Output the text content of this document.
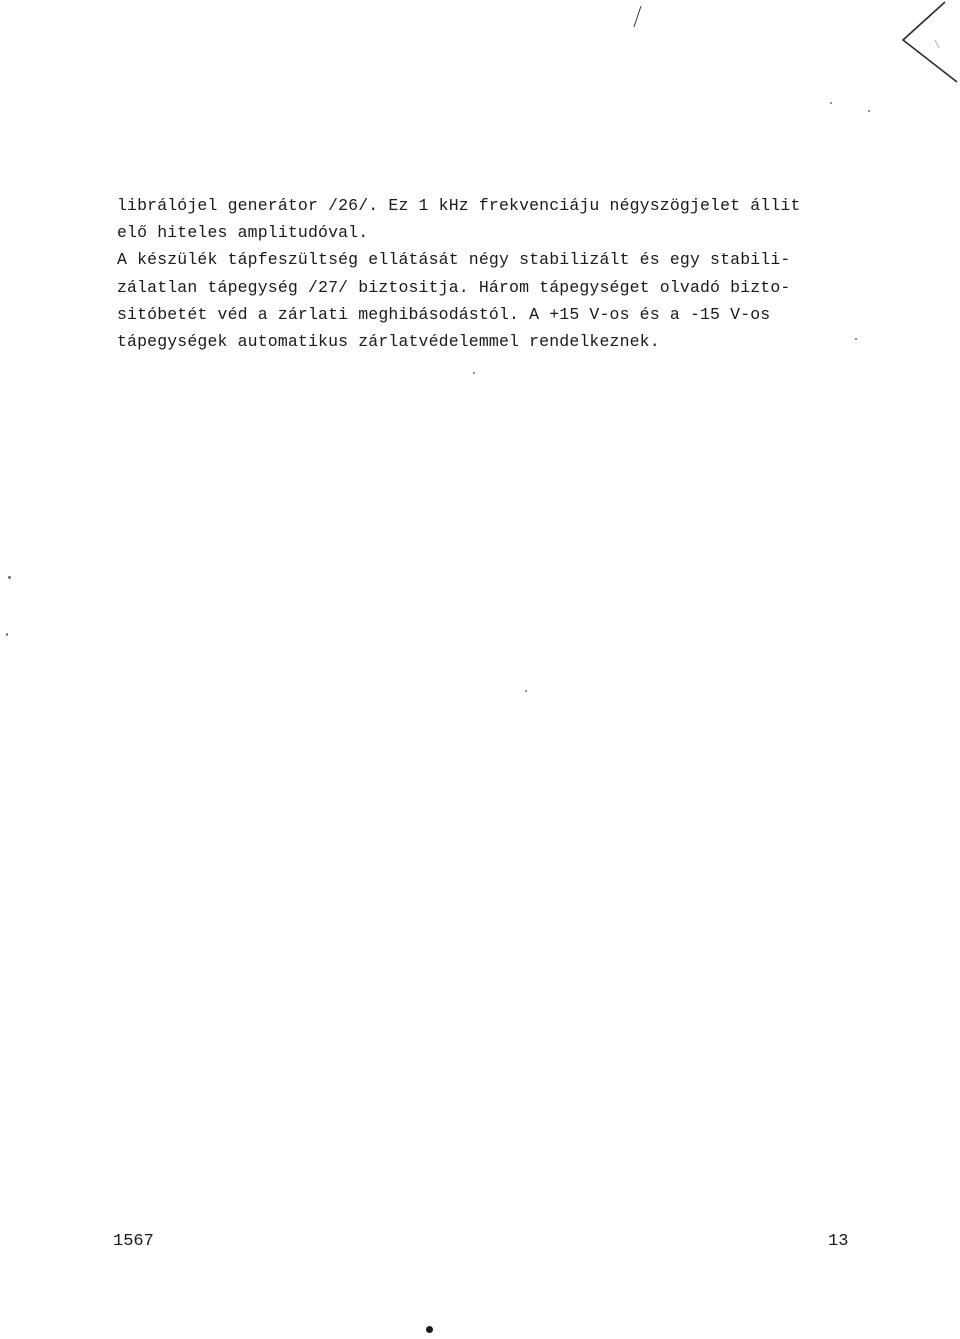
librálójel generátor /26/. Ez 1 kHz frekvenciáju négyszögjelet állit
elő hiteles amplitudóval.
A készülék tápfeszültség ellátását négy stabilizált és egy stabili-
zálatlan tápegység /27/ biztositja. Három tápegységet olvadó bizto-
sitóbetét véd a zárlati meghibásodástól. A +15 V-os és a -15 V-os
tápegységek automatikus zárlatvédelemmel rendelkeznek.
1567	13
